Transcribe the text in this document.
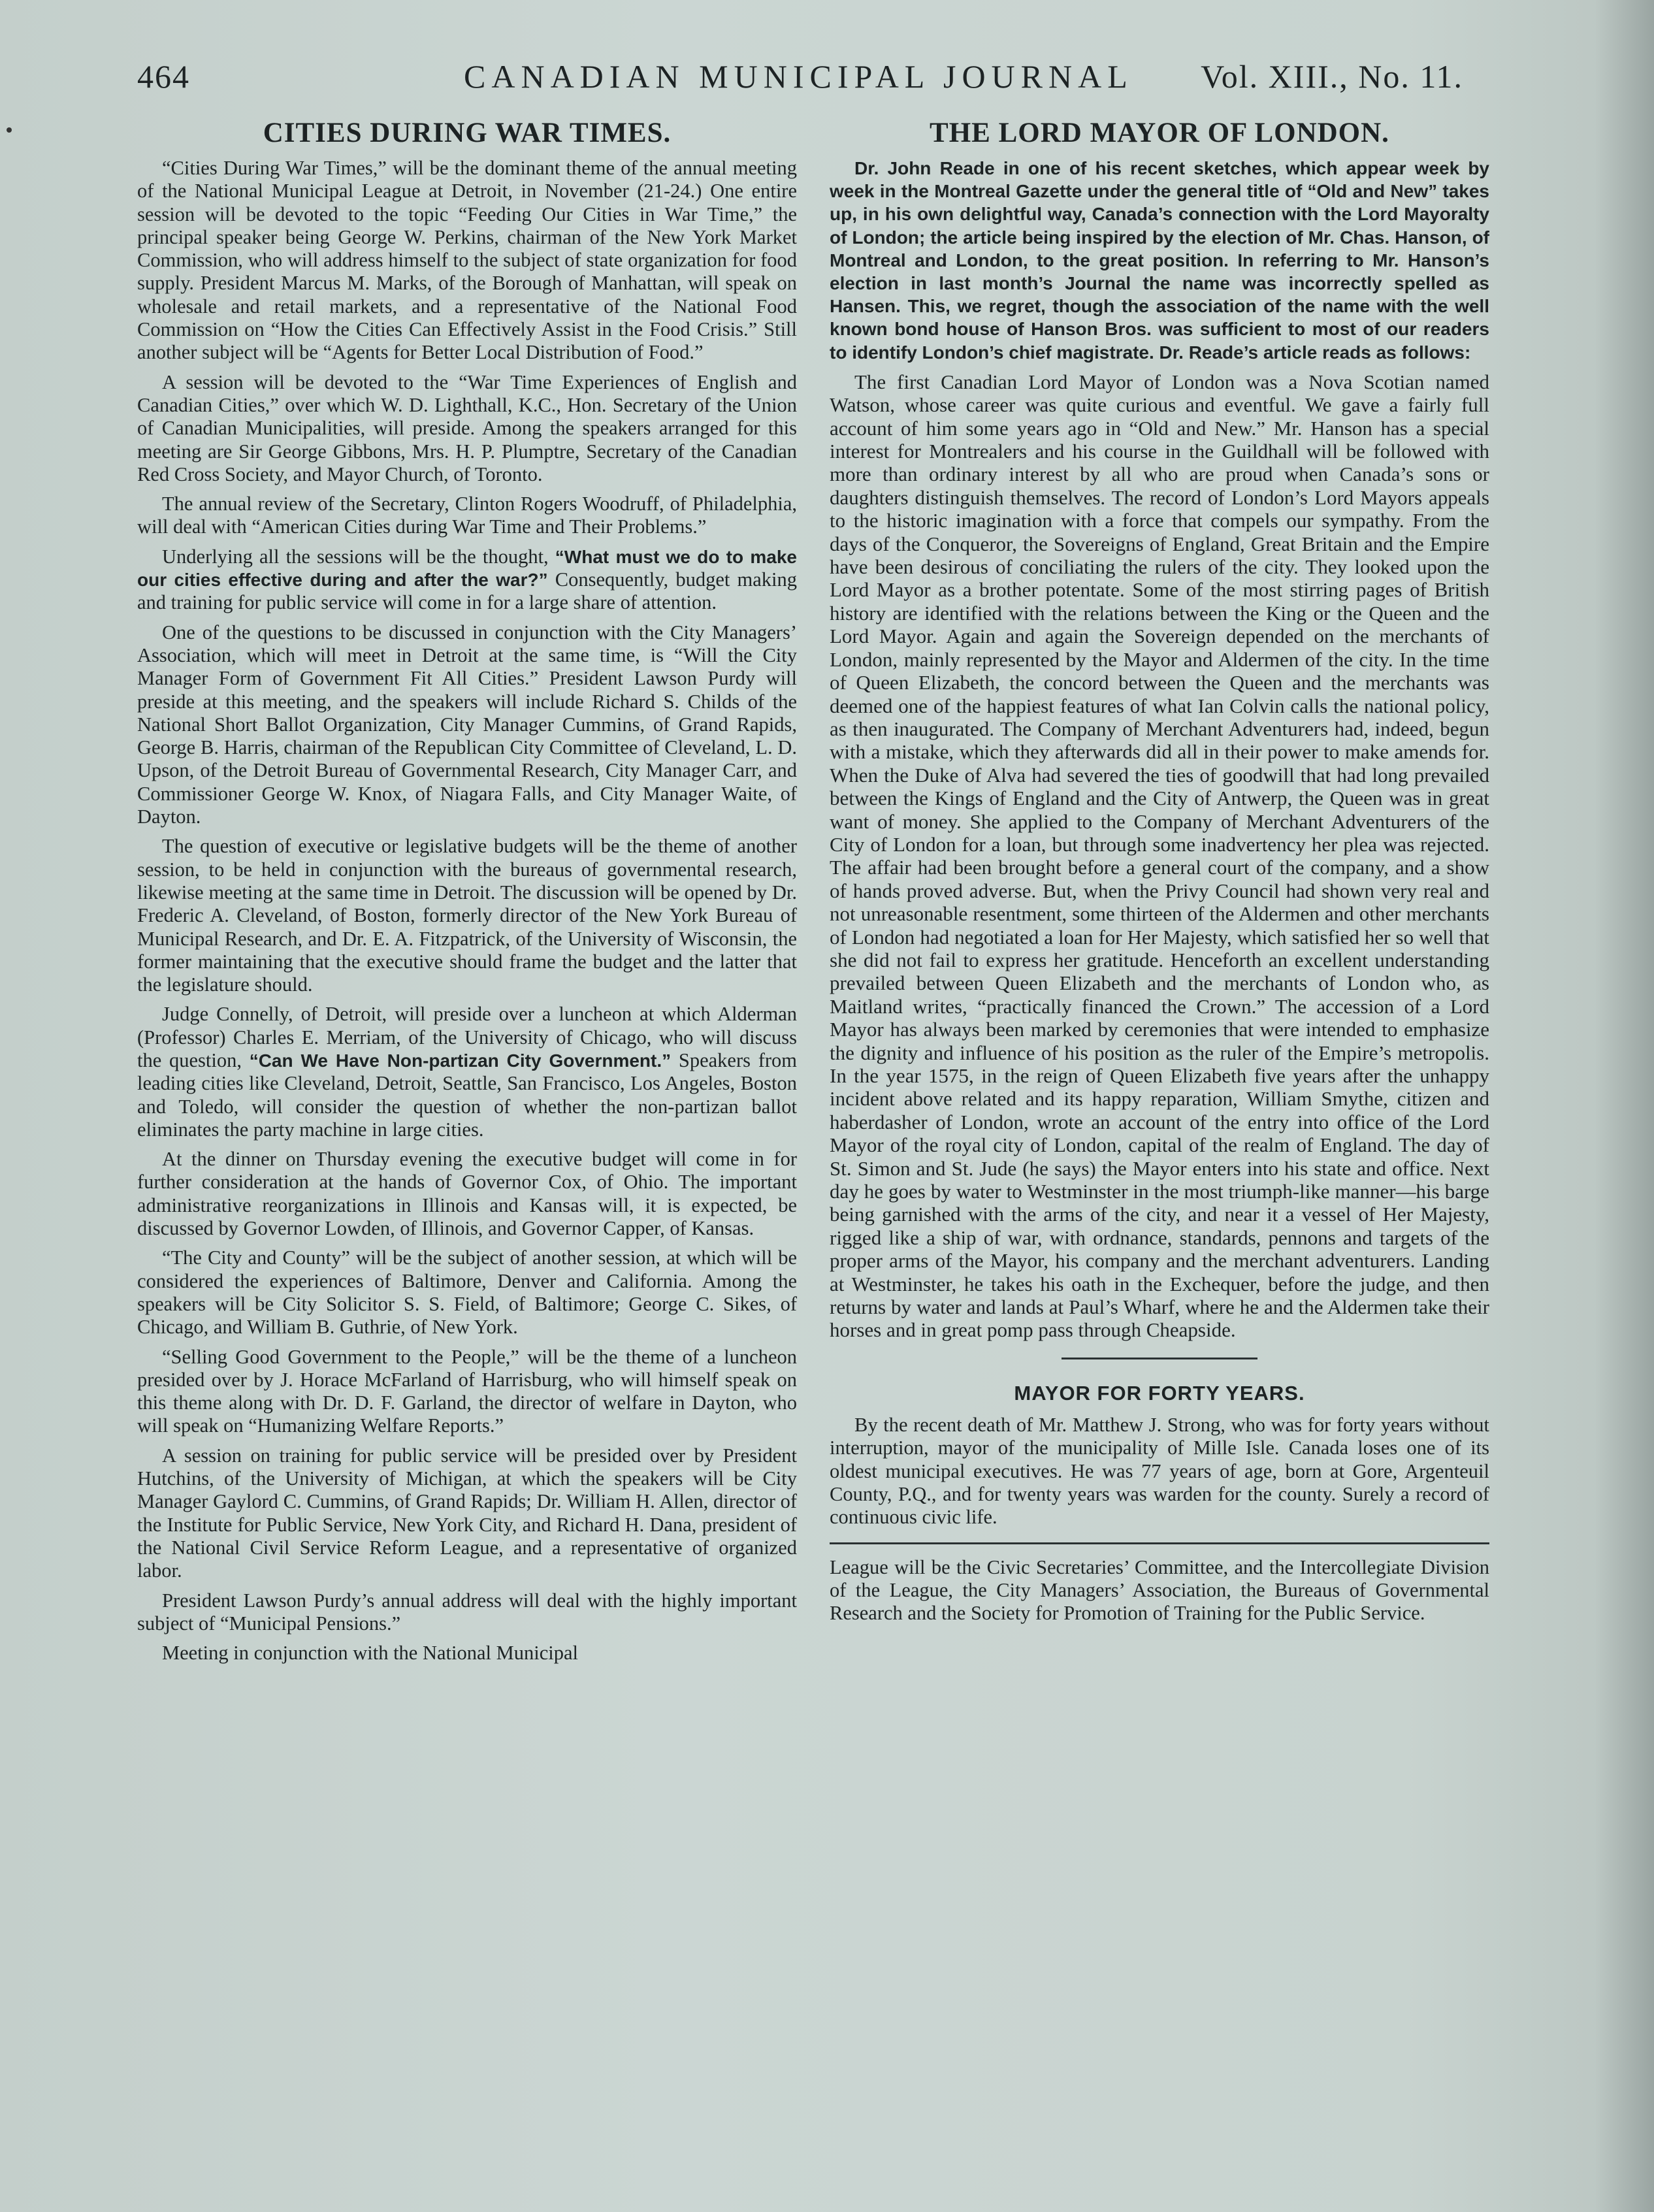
464	CANADIAN MUNICIPAL JOURNAL Vol. XIII., No. 11.
CITIES DURING WAR TIMES.

“Cities During War Times,” will be the dominant theme of the annual meeting of the National Municipal League at Detroit, in November (21-24.) One entire session will be devoted to the topic “Feeding Our Cities in War Time,” the principal speaker being George W. Perkins, chairman of the New York Market Commission, who will address himself to the subject of state organization for food supply. President Marcus M. Marks, of the Borough of Manhattan, will speak on wholesale and retail markets, and a representative of the National Food Commission on “How the Cities Can Effectively Assist in the Food Crisis.” Still another subject will be “Agents for Better Local Distribution of Food.”

A session will be devoted to the “War Time Experiences of English and Canadian Cities,” over which W. D. Lighthall, K.C., Hon. Secretary of the Union of Canadian Municipalities, will preside. Among the speakers arranged for this meeting are Sir George Gibbons, Mrs. H. P. Plumptre, Secretary of the Canadian Red Cross Society, and Mayor Church, of Toronto.

The annual review of the Secretary, Clinton Rogers Woodruff, of Philadelphia, will deal with “American Cities during War Time and Their Problems.”

Underlying all the sessions will be the thought, “What must we do to make our cities effective during and after the war?” Consequently, budget making and training for public service will come in for a large share of attention.

One of the questions to be discussed in conjunction with the City Managers’ Association, which will meet in Detroit at the same time, is “Will the City Manager Form of Government Fit All Cities.” President Lawson Purdy will preside at this meeting, and the speakers will include Richard S. Childs of the National Short Ballot Organization, City Manager Cummins, of Grand Rapids, George B. Harris, chairman of the Republican City Committee of Cleveland, L. D. Upson, of the Detroit Bureau of Governmental Research, City Manager Carr, and Commissioner George W. Knox, of Niagara Falls, and City Manager Waite, of Dayton.

The question of executive or legislative budgets will be the theme of another session, to be held in conjunction with the bureaus of governmental research, likewise meeting at the same time in Detroit. The discussion will be opened by Dr. Frederic A. Cleveland, of Boston, formerly director of the New York Bureau of Municipal Research, and Dr. E. A. Fitzpatrick, of the University of Wisconsin, the former maintaining that the executive should frame the budget and the latter that the legislature should.

Judge Connelly, of Detroit, will preside over a luncheon at which Alderman (Professor) Charles E. Merriam, of the University of Chicago, who will discuss the question, “Can We Have Non-partizan City Government.” Speakers from leading cities like Cleveland, Detroit, Seattle, San Francisco, Los Angeles, Boston and Toledo, will consider the question of whether the non-partizan ballot eliminates the party machine in large cities.

At the dinner on Thursday evening the executive budget will come in for further consideration at the hands of Governor Cox, of Ohio. The important administrative reorganizations in Illinois and Kansas will, it is expected, be discussed by Governor Lowden, of Illinois, and Governor Capper, of Kansas.

“The City and County” will be the subject of another session, at which will be considered the experiences of Baltimore, Denver and California. Among the speakers will be City Solicitor S. S. Field, of Baltimore; George C. Sikes, of Chicago, and William B. Guthrie, of New York.

“Selling Good Government to the People,” will be the theme of a luncheon presided over by J. Horace McFarland of Harrisburg, who will himself speak on this theme along with Dr. D. F. Garland, the director of welfare in Dayton, who will speak on “Humanizing Welfare Reports.”

A session on training for public service will be presided over by President Hutchins, of the University of Michigan, at which the speakers will be City Manager Gaylord C. Cummins, of Grand Rapids; Dr. William H. Allen, director of the Institute for Public Service, New York City, and Richard H. Dana, president of the National Civil Service Reform League, and a representative of organized labor.

President Lawson Purdy’s annual address will deal with the highly important subject of “Municipal Pensions.”

Meeting in conjunction with the National Municipal

THE LORD MAYOR OF LONDON.

Dr. John Reade in one of his recent sketches, which appear week by week in the Montreal Gazette under the general title of “Old and New” takes up, in his own delightful way, Canada’s connection with the Lord Mayoralty of London; the article being inspired by the election of Mr. Chas. Hanson, of Montreal and London, to the great position. In referring to Mr. Hanson’s election in last month’s Journal the name was incorrectly spelled as Hansen. This, we regret, though the association of the name with the well known bond house of Hanson Bros. was sufficient to most of our readers to identify London’s chief magistrate. Dr. Reade’s article reads as follows:

The first Canadian Lord Mayor of London was a Nova Scotian named Watson, whose career was quite curious and eventful. We gave a fairly full account of him some years ago in “Old and New.” Mr. Hanson has a special interest for Montrealers and his course in the Guildhall will be followed with more than ordinary interest by all who are proud when Canada’s sons or daughters distinguish themselves. The record of London’s Lord Mayors appeals to the historic imagination with a force that compels our sympathy. From the days of the Conqueror, the Sovereigns of England, Great Britain and the Empire have been desirous of conciliating the rulers of the city. They looked upon the Lord Mayor as a brother potentate. Some of the most stirring pages of British history are identified with the relations between the King or the Queen and the Lord Mayor. Again and again the Sovereign depended on the merchants of London, mainly represented by the Mayor and Aldermen of the city. In the time of Queen Elizabeth, the concord between the Queen and the merchants was deemed one of the happiest features of what Ian Colvin calls the national policy, as then inaugurated. The Company of Merchant Adventurers had, indeed, begun with a mistake, which they afterwards did all in their power to make amends for. When the Duke of Alva had severed the ties of goodwill that had long prevailed between the Kings of England and the City of Antwerp, the Queen was in great want of money. She applied to the Company of Merchant Adventurers of the City of London for a loan, but through some inadvertency her plea was rejected. The affair had been brought before a general court of the company, and a show of hands proved adverse. But, when the Privy Council had shown very real and not unreasonable resentment, some thirteen of the Aldermen and other merchants of London had negotiated a loan for Her Majesty, which satisfied her so well that she did not fail to express her gratitude. Henceforth an excellent understanding prevailed between Queen Elizabeth and the merchants of London who, as Maitland writes, “practically financed the Crown.” The accession of a Lord Mayor has always been marked by ceremonies that were intended to emphasize the dignity and influence of his position as the ruler of the Empire’s metropolis. In the year 1575, in the reign of Queen Elizabeth five years after the unhappy incident above related and its happy reparation, William Smythe, citizen and haberdasher of London, wrote an account of the entry into office of the Lord Mayor of the royal city of London, capital of the realm of England. The day of St. Simon and St. Jude (he says) the Mayor enters into his state and office. Next day he goes by water to Westminster in the most triumph-like manner—his barge being garnished with the arms of the city, and near it a vessel of Her Majesty, rigged like a ship of war, with ordnance, standards, pennons and targets of the proper arms of the Mayor, his company and the merchant adventurers. Landing at Westminster, he takes his oath in the Exchequer, before the judge, and then returns by water and lands at Paul’s Wharf, where he and the Aldermen take their horses and in great pomp pass through Cheapside.

MAYOR FOR FORTY YEARS.

By the recent death of Mr. Matthew J. Strong, who was for forty years without interruption, mayor of the municipality of Mille Isle. Canada loses one of its oldest municipal executives. He was 77 years of age, born at Gore, Argenteuil County, P.Q., and for twenty years was warden for the county. Surely a record of continuous civic life.

League will be the Civic Secretaries’ Committee, and the Intercollegiate Division of the League, the City Managers’ Association, the Bureaus of Governmental Research and the Society for Promotion of Training for the Public Service.
